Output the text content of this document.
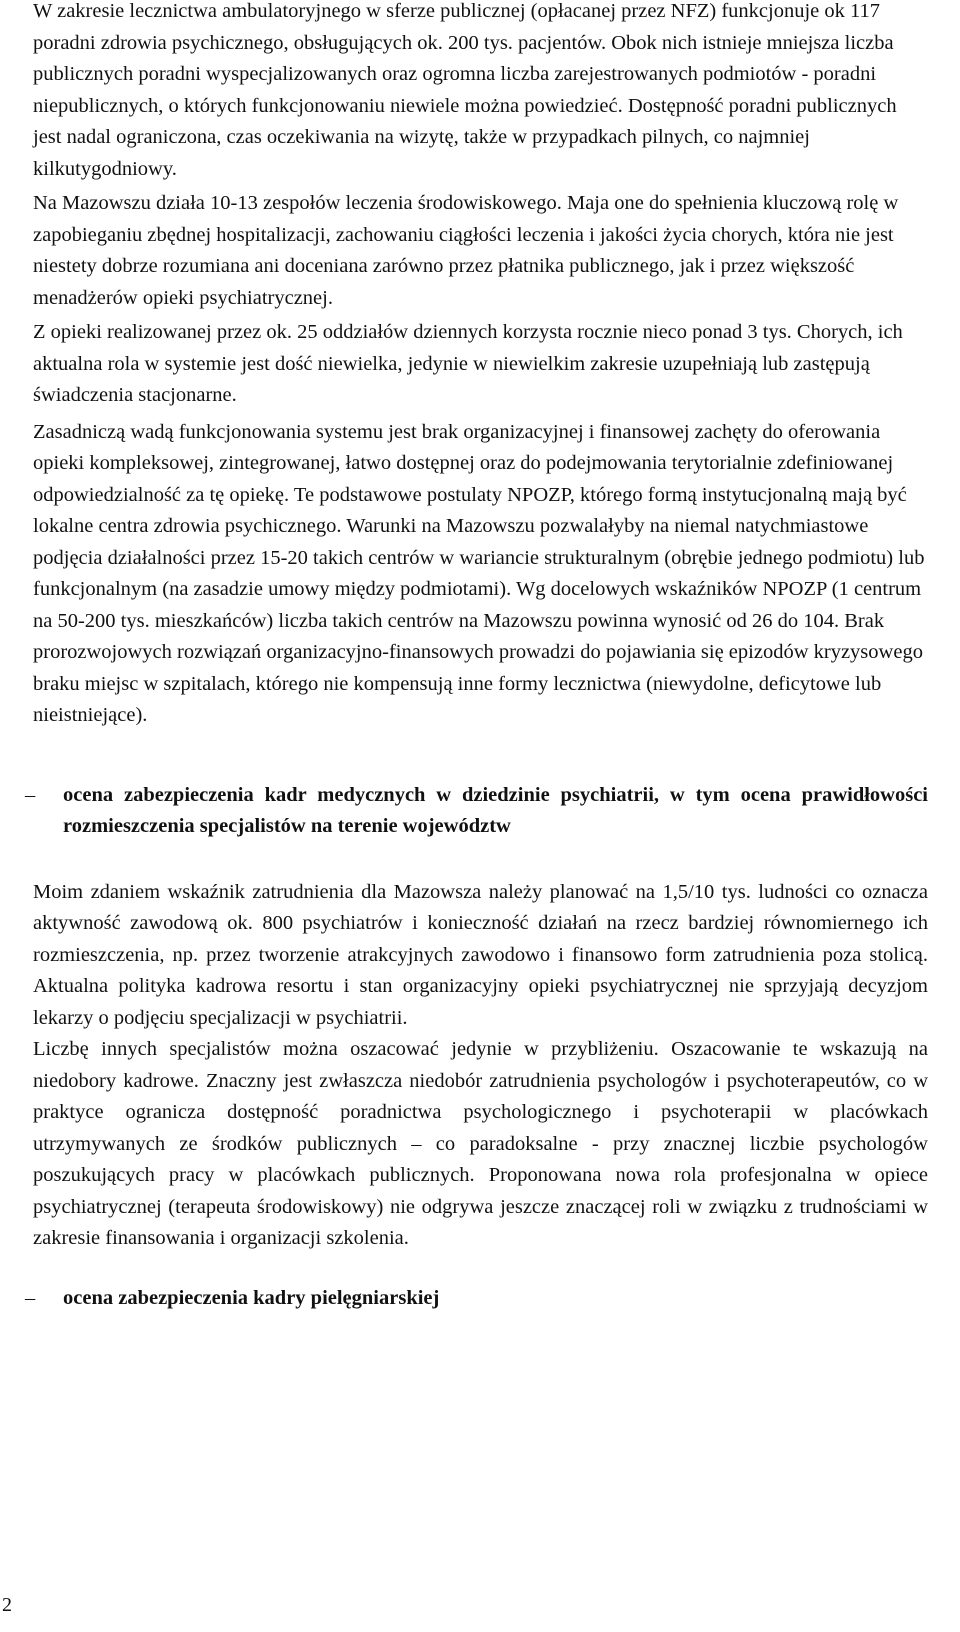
W zakresie lecznictwa ambulatoryjnego w sferze publicznej (opłacanej przez NFZ) funkcjonuje ok 117 poradni zdrowia psychicznego, obsługujących ok. 200 tys. pacjentów. Obok nich istnieje mniejsza liczba publicznych poradni wyspecjalizowanych oraz ogromna liczba zarejestrowanych podmiotów - poradni niepublicznych, o których funkcjonowaniu niewiele można powiedzieć. Dostępność poradni publicznych jest nadal ograniczona, czas oczekiwania na wizytę, także w przypadkach pilnych, co najmniej kilkutygodniowy.

Na Mazowszu działa 10-13 zespołów leczenia środowiskowego. Maja one do spełnienia kluczową rolę w zapobieganiu zbędnej hospitalizacji, zachowaniu ciągłości leczenia i jakości życia chorych, która nie jest niestety dobrze rozumiana ani doceniana zarówno przez płatnika publicznego, jak i przez większość menadżerów opieki psychiatrycznej.

Z opieki realizowanej przez ok. 25 oddziałów dziennych korzysta rocznie nieco ponad 3 tys. Chorych, ich aktualna rola w systemie jest dość niewielka, jedynie w niewielkim zakresie uzupełniają lub zastępują świadczenia stacjonarne.

Zasadniczą wadą funkcjonowania systemu jest brak organizacyjnej i finansowej zachęty do oferowania opieki kompleksowej, zintegrowanej, łatwo dostępnej oraz do podejmowania terytorialnie zdefiniowanej odpowiedzialność za tę opiekę. Te podstawowe postulaty NPOZP, którego formą instytucjonalną mają być lokalne centra zdrowia psychicznego. Warunki na Mazowszu pozwalałyby na niemal natychmiastowe podjęcia działalności przez 15-20 takich centrów w wariancie strukturalnym (obrębie jednego podmiotu) lub funkcjonalnym (na zasadzie umowy między podmiotami). Wg docelowych wskaźników NPOZP (1 centrum na 50-200 tys. mieszkańców) liczba takich centrów na Mazowszu powinna wynosić od 26 do 104. Brak prorozwojowych rozwiązań organizacyjno-finansowych prowadzi do pojawiania się epizodów kryzysowego braku miejsc w szpitalach, którego nie kompensują inne formy lecznictwa (niewydolne, deficytowe lub nieistniejące).

– ocena zabezpieczenia kadr medycznych w dziedzinie psychiatrii, w tym ocena prawidłowości rozmieszczenia specjalistów na terenie województw

Moim zdaniem wskaźnik zatrudnienia dla Mazowsza należy planować na 1,5/10 tys. ludności co oznacza aktywność zawodową ok. 800 psychiatrów i konieczność działań na rzecz bardziej równomiernego ich rozmieszczenia, np. przez tworzenie atrakcyjnych zawodowo i finansowo form zatrudnienia poza stolicą. Aktualna polityka kadrowa resortu i stan organizacyjny opieki psychiatrycznej nie sprzyjają decyzjom lekarzy o podjęciu specjalizacji w psychiatrii.

Liczbę innych specjalistów można oszacować jedynie w przybliżeniu. Oszacowanie te wskazują na niedobory kadrowe. Znaczny jest zwłaszcza niedobór zatrudnienia psychologów i psychoterapeutów, co w praktyce ogranicza dostępność poradnictwa psychologicznego i psychoterapii w placówkach utrzymywanych ze środków publicznych – co paradoksalne - przy znacznej liczbie psychologów poszukujących pracy w placówkach publicznych. Proponowana nowa rola profesjonalna w opiece psychiatrycznej (terapeuta środowiskowy) nie odgrywa jeszcze znaczącej roli w związku z trudnościami w zakresie finansowania i organizacji szkolenia.

– ocena zabezpieczenia kadry pielęgniarskiej

2
